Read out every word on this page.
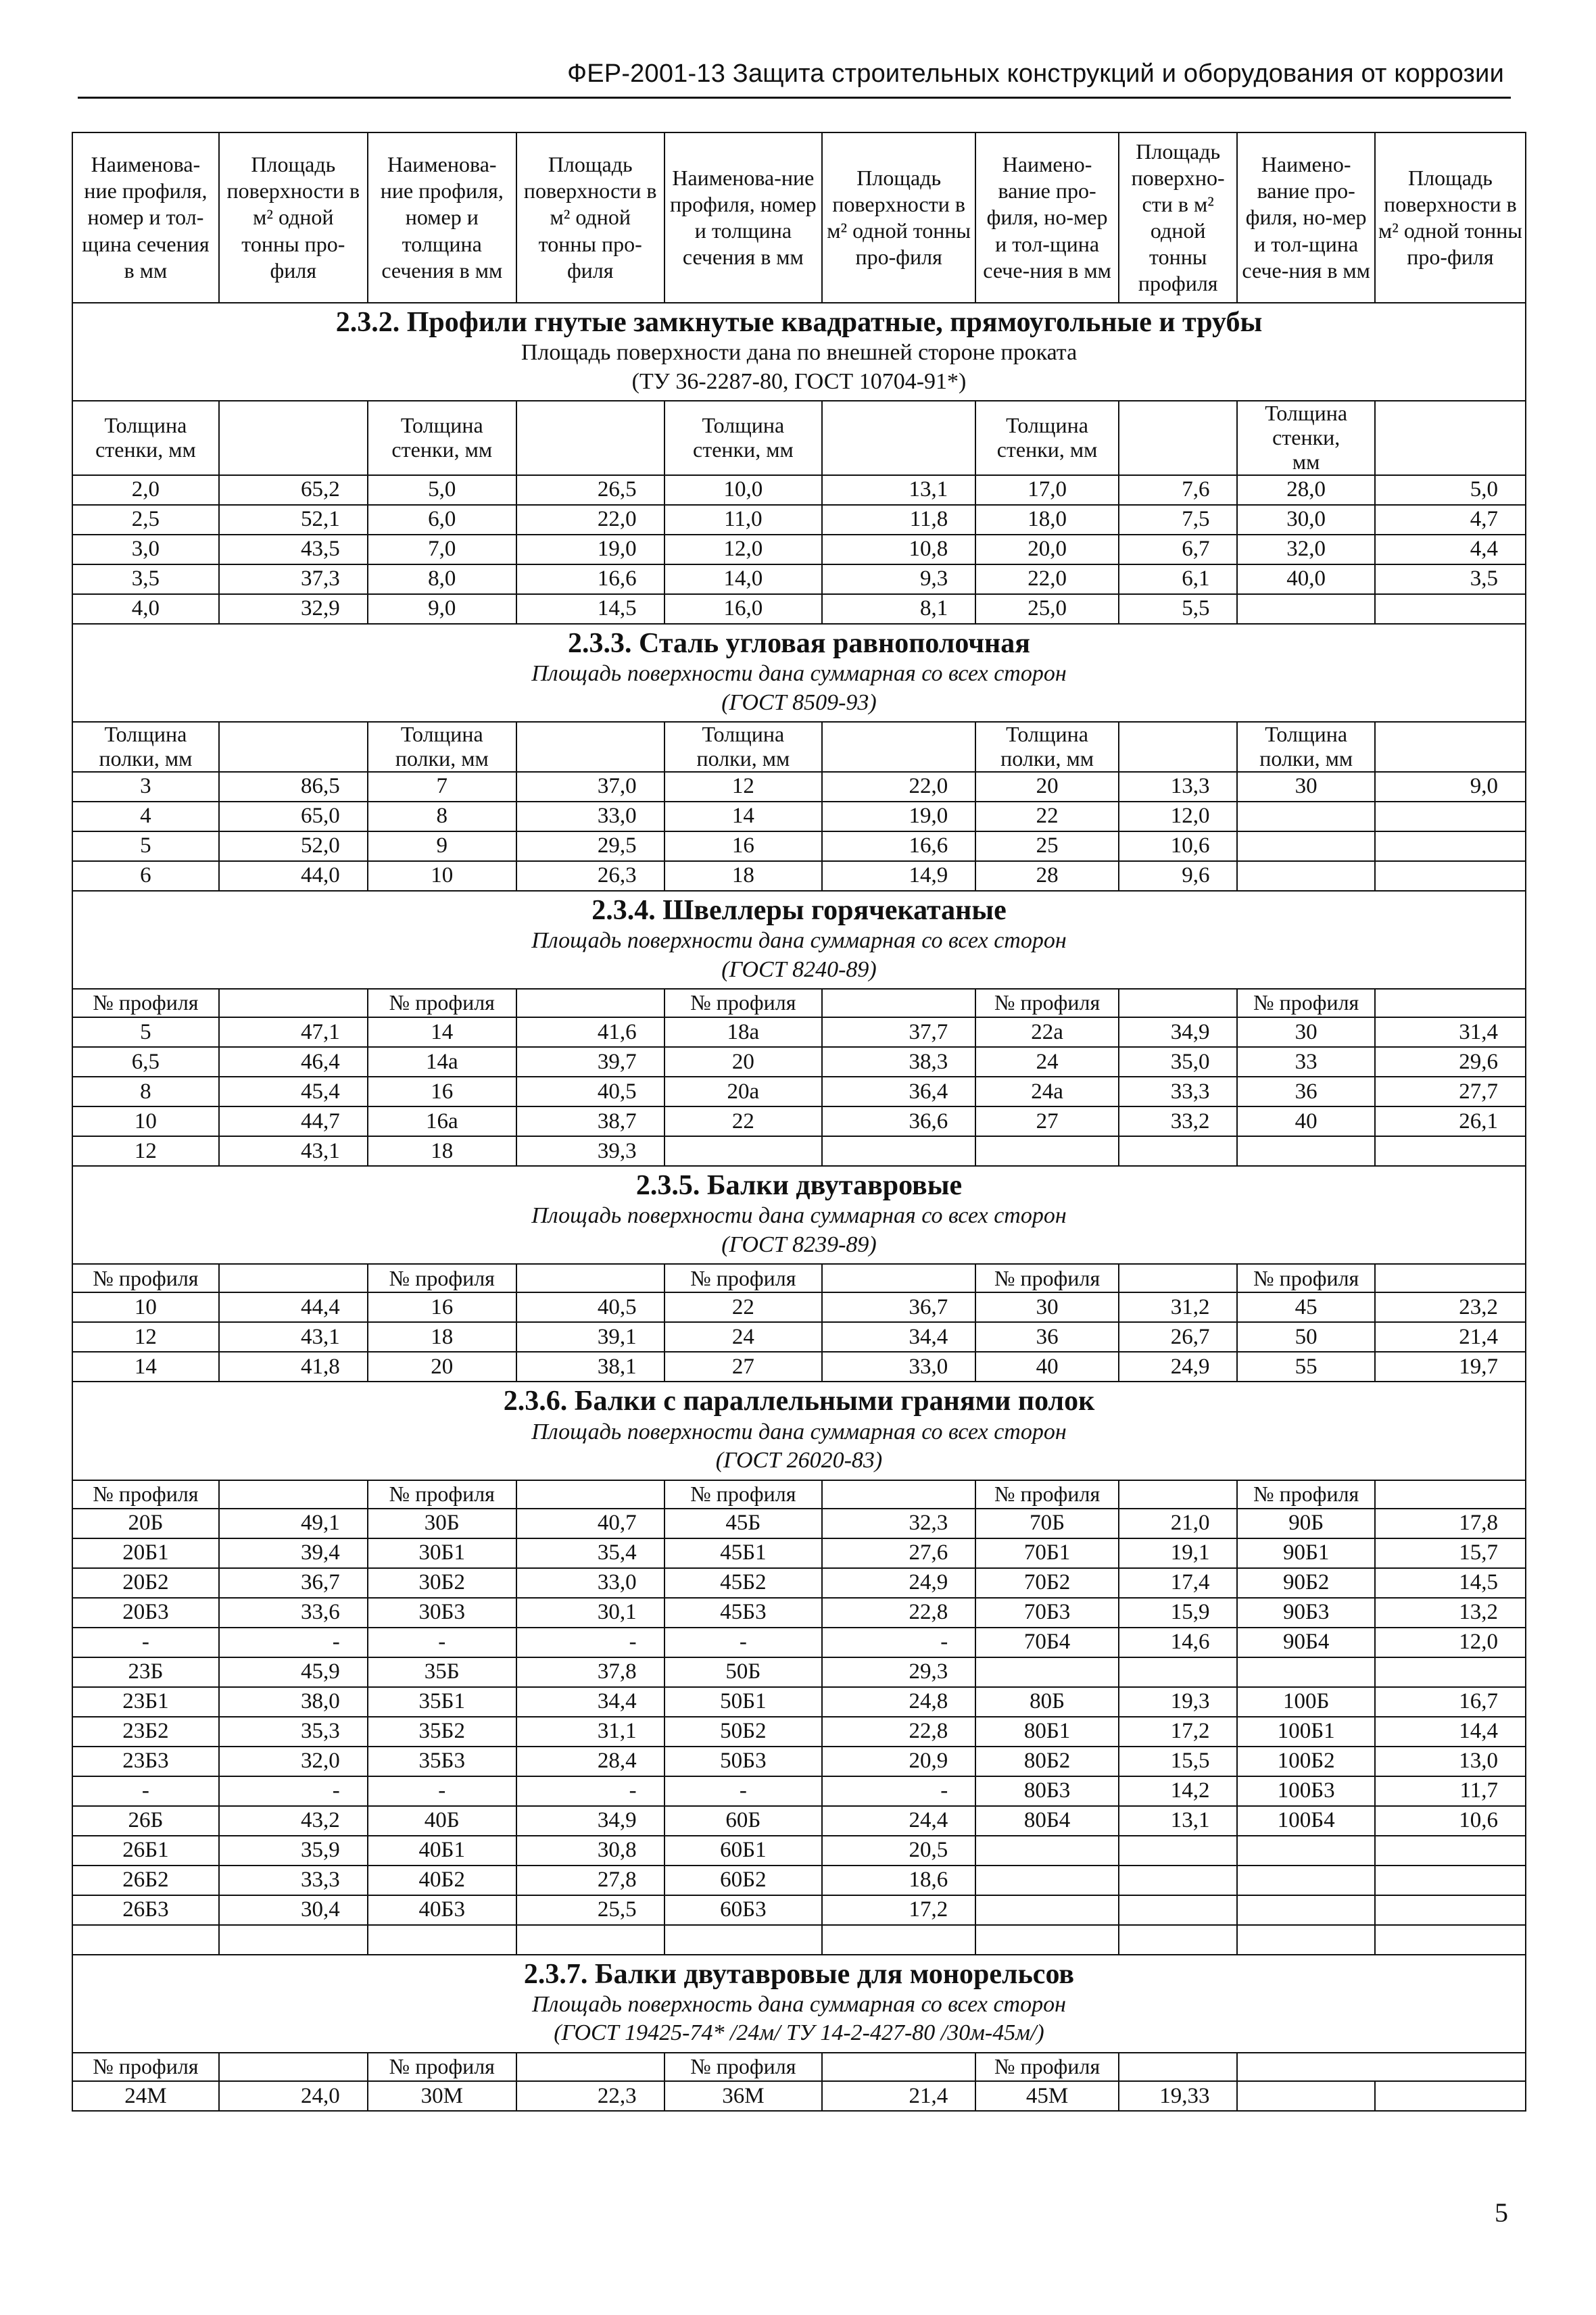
ФЕР-2001-13 Защита строительных конструкций и оборудования от коррозии
Наименова-ние профиля, номер и тол-щина сечения в мм	Площадь поверхности в м² одной тонны про-филя	Наименова-ние профиля, номер и толщина сечения в мм	Площадь поверхности в м² одной тонны про-филя	Наименова-ние профиля, номер и толщина сечения в мм	Площадь поверхности в м² одной тонны про-филя	Наимено-вание про-филя, но-мер и тол-щина сече-ния в мм	Площадь поверхно-сти в м² одной тонны профиля	Наимено-вание про-филя, но-мер и тол-щина сече-ния в мм	Площадь поверхности в м² одной тонны про-филя

2.3.2. Профили гнутые замкнутые квадратные, прямоугольные и трубы
Площадь поверхности дана по внешней стороне проката
(ТУ 36-2287-80, ГОСТ 10704-91*)									

Толщина стенки, мм		Толщина стенки, мм		Толщина стенки, мм		Толщина стенки, мм		Толщина стенки, мм	
2,0	65,2	5,0	26,5	10,0	13,1	17,0	7,6	28,0	5,0
2,5	52,1	6,0	22,0	11,0	11,8	18,0	7,5	30,0	4,7
3,0	43,5	7,0	19,0	12,0	10,8	20,0	6,7	32,0	4,4
3,5	37,3	8,0	16,6	14,0	9,3	22,0	6,1	40,0	3,5
4,0	32,9	9,0	14,5	16,0	8,1	25,0	5,5		

2.3.3. Сталь угловая равнополочная
Площадь поверхности дана суммарная со всех сторон
(ГОСТ 8509-93)									

Толщина полки, мм		Толщина полки, мм		Толщина полки, мм		Толщина полки, мм		Толщина полки, мм	
3	86,5	7	37,0	12	22,0	20	13,3	30	9,0
4	65,0	8	33,0	14	19,0	22	12,0		
5	52,0	9	29,5	16	16,6	25	10,6		
6	44,0	10	26,3	18	14,9	28	9,6		

2.3.4. Швеллеры горячекатаные
Площадь поверхности дана суммарная со всех сторон
(ГОСТ 8240-89)									

№ профиля		№ профиля		№ профиля		№ профиля		№ профиля	
5	47,1	14	41,6	18а	37,7	22а	34,9	30	31,4
6,5	46,4	14а	39,7	20	38,3	24	35,0	33	29,6
8	45,4	16	40,5	20а	36,4	24а	33,3	36	27,7
10	44,7	16а	38,7	22	36,6	27	33,2	40	26,1
12	43,1	18	39,3						

2.3.5. Балки двутавровые
Площадь поверхности дана суммарная со всех сторон
(ГОСТ 8239-89)									

№ профиля		№ профиля		№ профиля		№ профиля		№ профиля	
10	44,4	16	40,5	22	36,7	30	31,2	45	23,2
12	43,1	18	39,1	24	34,4	36	26,7	50	21,4
14	41,8	20	38,1	27	33,0	40	24,9	55	19,7

2.3.6. Балки с параллельными гранями полок
Площадь поверхности дана суммарная со всех сторон
(ГОСТ 26020-83)									

№ профиля		№ профиля		№ профиля		№ профиля		№ профиля	
20Б	49,1	30Б	40,7	45Б	32,3	70Б	21,0	90Б	17,8
20Б1	39,4	30Б1	35,4	45Б1	27,6	70Б1	19,1	90Б1	15,7
20Б2	36,7	30Б2	33,0	45Б2	24,9	70Б2	17,4	90Б2	14,5
20Б3	33,6	30Б3	30,1	45Б3	22,8	70Б3	15,9	90Б3	13,2
-	-	-	-	-	-	70Б4	14,6	90Б4	12,0
23Б	45,9	35Б	37,8	50Б	29,3				
23Б1	38,0	35Б1	34,4	50Б1	24,8	80Б	19,3	100Б	16,7
23Б2	35,3	35Б2	31,1	50Б2	22,8	80Б1	17,2	100Б1	14,4
23Б3	32,0	35Б3	28,4	50Б3	20,9	80Б2	15,5	100Б2	13,0
-	-	-	-	-	-	80Б3	14,2	100Б3	11,7
26Б	43,2	40Б	34,9	60Б	24,4	80Б4	13,1	100Б4	10,6
26Б1	35,9	40Б1	30,8	60Б1	20,5				
26Б2	33,3	40Б2	27,8	60Б2	18,6				
26Б3	30,4	40Б3	25,5	60Б3	17,2				

2.3.7. Балки двутавровые для монорельсов
Площадь поверхность дана суммарная со всех сторон
(ГОСТ 19425-74* /24м/ ТУ 14-2-427-80 /30м-45м/)									

№ профиля		№ профиля		№ профиля		№ профиля			
24М	24,0	30М	22,3	36М	21,4	45М	19,33		
5
